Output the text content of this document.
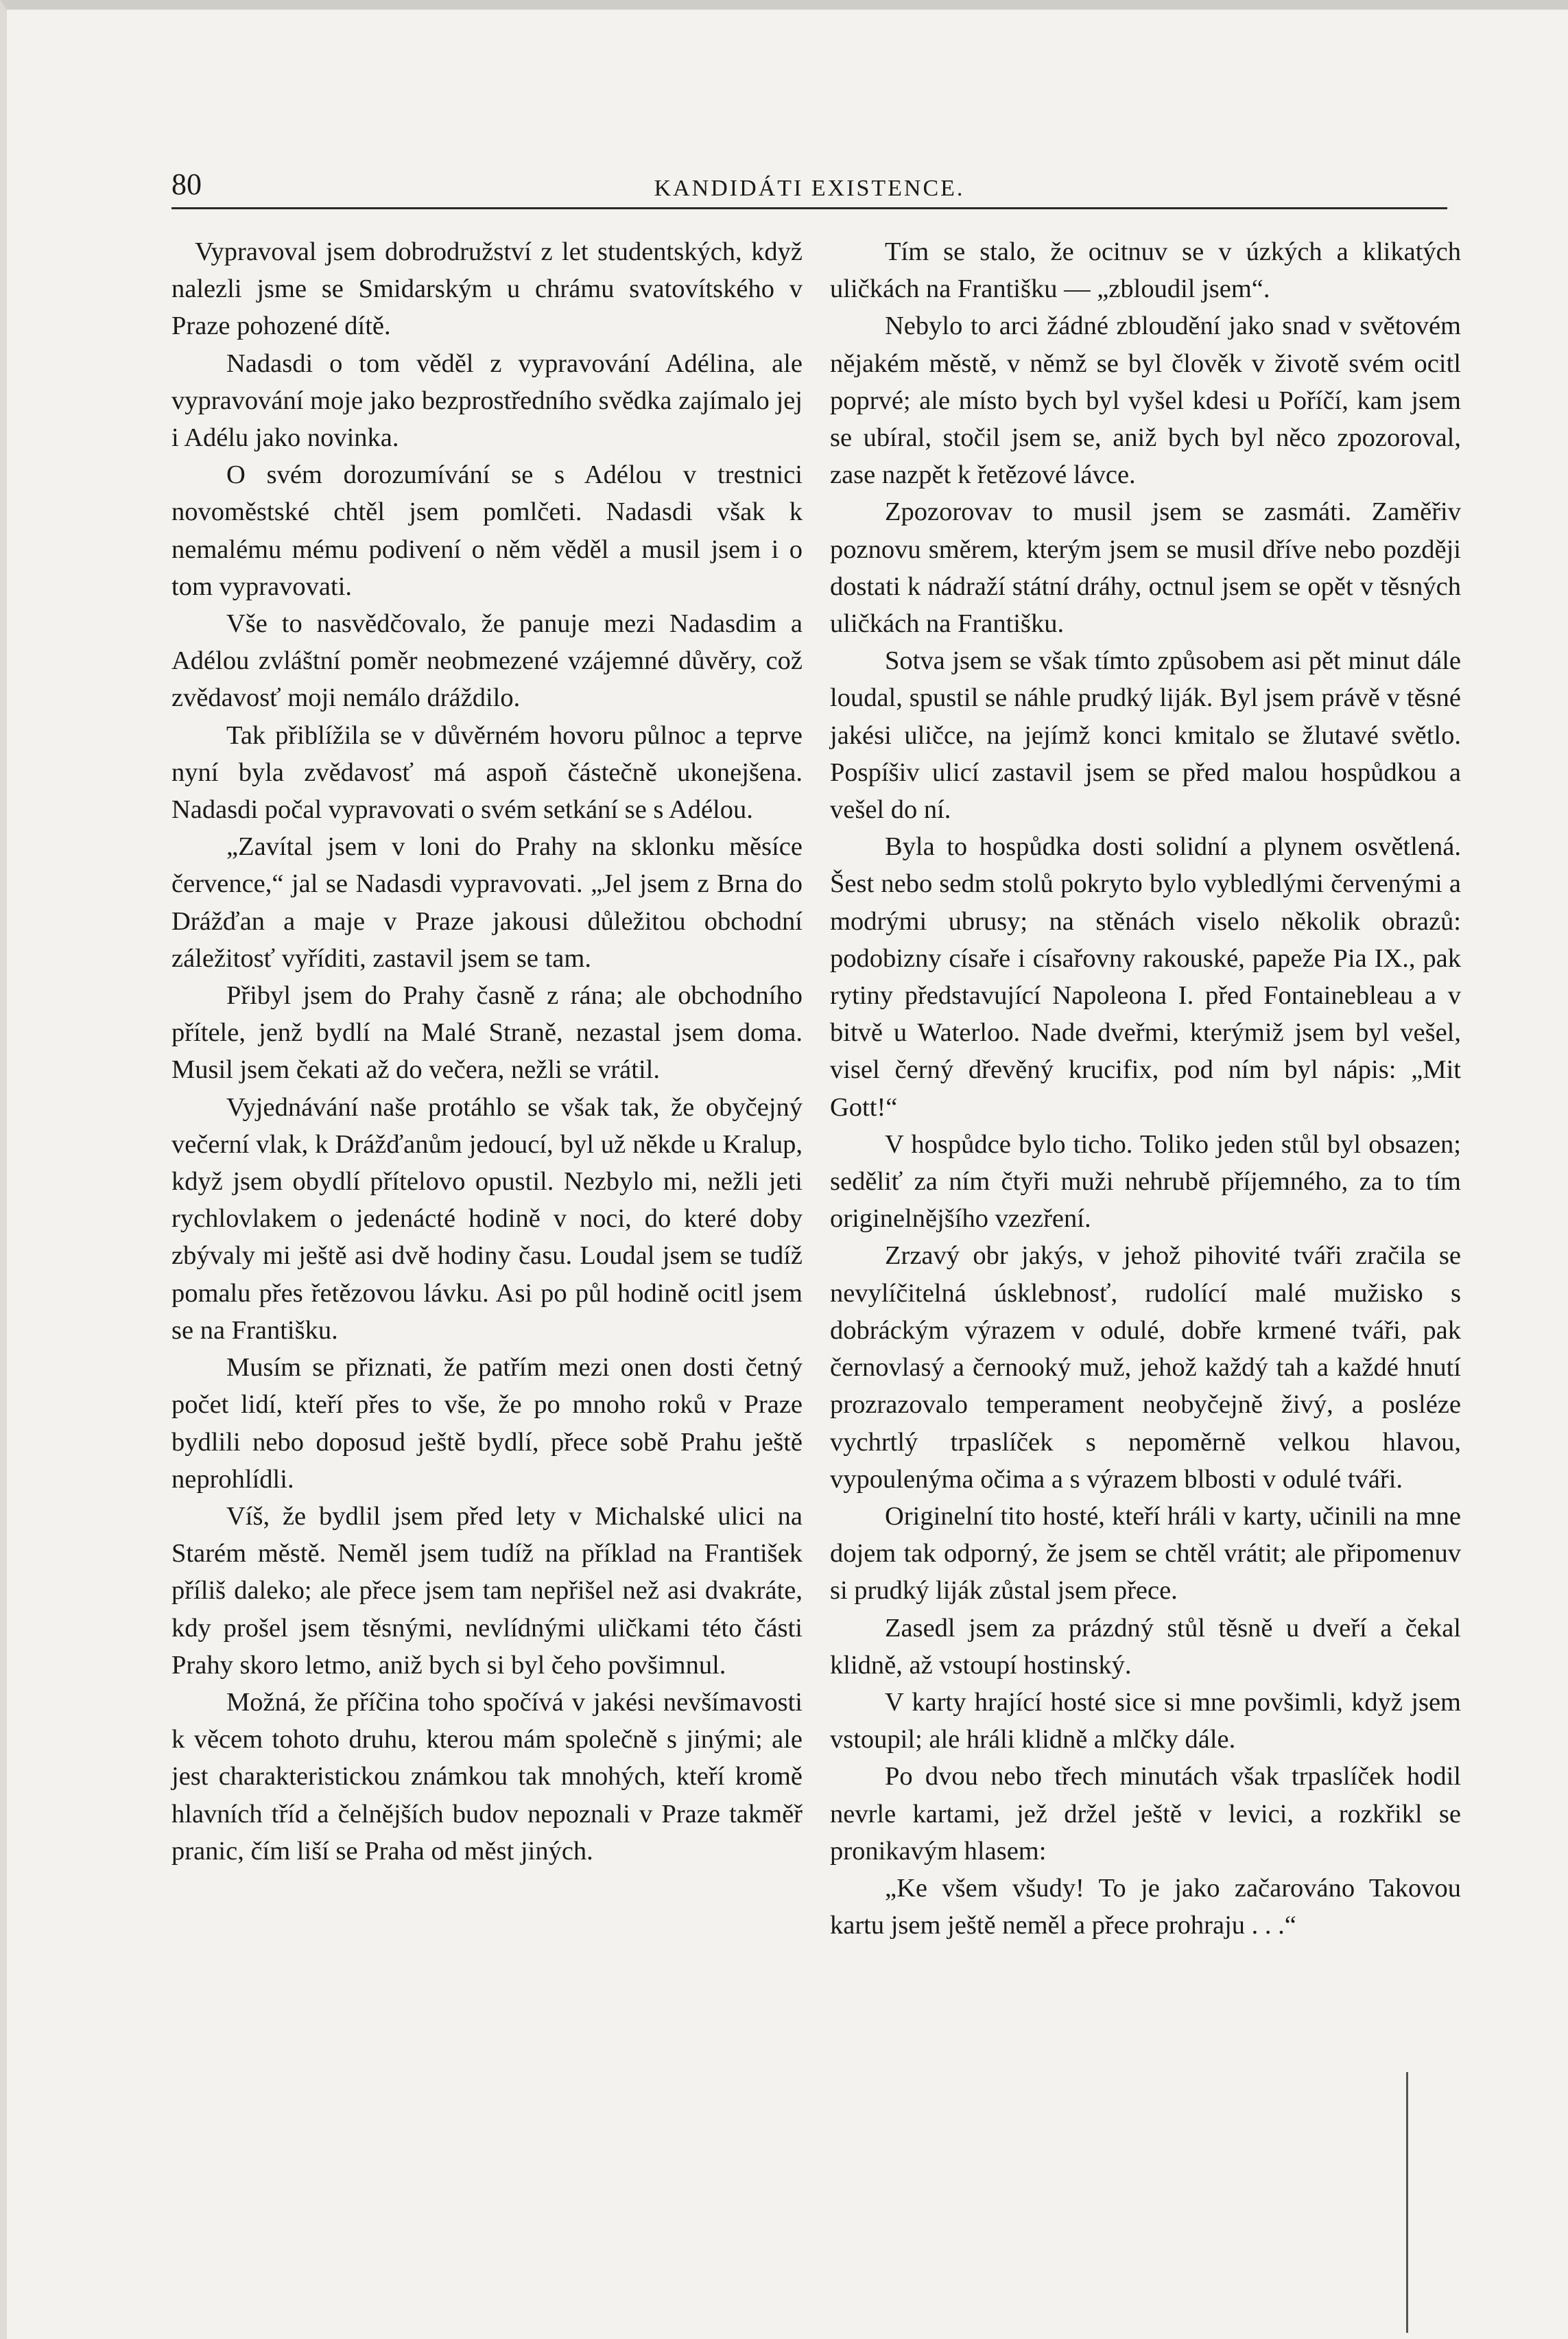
80	KANDIDÁTI EXISTENCE.

Vypravoval jsem dobrodružství z let studentských, když nalezli jsme se Smidarským u chrámu svatovítského v Praze pohozené dítě.

Nadasdi o tom věděl z vypravování Adélina, ale vypravování moje jako bezprostředního svědka zajímalo jej i Adélu jako novinka.

O svém dorozumívání se s Adélou v trestnici novoměstské chtěl jsem pomlčeti. Nadasdi však k nemalému mému podivení o něm věděl a musil jsem i o tom vypravovati.

Vše to nasvědčovalo, že panuje mezi Nadasdim a Adélou zvláštní poměr neobmezené vzájemné důvěry, což zvědavosť moji nemálo dráždilo.

Tak přiblížila se v důvěrném hovoru půlnoc a teprve nyní byla zvědavosť má aspoň částečně ukonejšena. Nadasdi počal vypravovati o svém setkání se s Adélou.

„Zavítal jsem v loni do Prahy na sklonku měsíce července,“ jal se Nadasdi vypravovati. „Jel jsem z Brna do Drážďan a maje v Praze jakousi důležitou obchodní záležitosť vyříditi, zastavil jsem se tam.

Přibyl jsem do Prahy časně z rána; ale obchodního přítele, jenž bydlí na Malé Straně, nezastal jsem doma. Musil jsem čekati až do večera, nežli se vrátil.

Vyjednávání naše protáhlo se však tak, že obyčejný večerní vlak, k Drážďanům jedoucí, byl už někde u Kralup, když jsem obydlí přítelovo opustil. Nezbylo mi, nežli jeti rychlovlakem o jedenácté hodině v noci, do které doby zbývaly mi ještě asi dvě hodiny času. Loudal jsem se tudíž pomalu přes řetězovou lávku. Asi po půl hodině ocitl jsem se na Františku.

Musím se přiznati, že patřím mezi onen dosti četný počet lidí, kteří přes to vše, že po mnoho roků v Praze bydlili nebo doposud ještě bydlí, přece sobě Prahu ještě neprohlídli.

Víš, že bydlil jsem před lety v Michalské ulici na Starém městě. Neměl jsem tudíž na příklad na František příliš daleko; ale přece jsem tam nepřišel než asi dvakráte, kdy prošel jsem těsnými, nevlídnými uličkami této části Prahy skoro letmo, aniž bych si byl čeho povšimnul.

Možná, že příčina toho spočívá v jakési nevšímavosti k věcem tohoto druhu, kterou mám společně s jinými; ale jest charakteristickou známkou tak mnohých, kteří kromě hlavních tříd a čelnějších budov nepoznali v Praze takměř pranic, čím liší se Praha od měst jiných.

Tím se stalo, že ocitnuv se v úzkých a klikatých uličkách na Františku — „zbloudil jsem“.

Nebylo to arci žádné zbloudění jako snad v světovém nějakém městě, v němž se byl člověk v životě svém ocitl poprvé; ale místo bych byl vyšel kdesi u Poříčí, kam jsem se ubíral, stočil jsem se, aniž bych byl něco zpozoroval, zase nazpět k řetězové lávce.

Zpozorovav to musil jsem se zasmáti. Zaměřiv poznovu směrem, kterým jsem se musil dříve nebo později dostati k nádraží státní dráhy, octnul jsem se opět v těsných uličkách na Františku.

Sotva jsem se však tímto způsobem asi pět minut dále loudal, spustil se náhle prudký liják. Byl jsem právě v těsné jakési uličce, na jejímž konci kmitalo se žlutavé světlo. Pospíšiv ulicí zastavil jsem se před malou hospůdkou a vešel do ní.

Byla to hospůdka dosti solidní a plynem osvětlená. Šest nebo sedm stolů pokryto bylo vybledlými červenými a modrými ubrusy; na stěnách viselo několik obrazů: podobizny císaře i císařovny rakouské, papeže Pia IX., pak rytiny představující Napoleona I. před Fontainebleau a v bitvě u Waterloo. Nade dveřmi, kterýmiž jsem byl vešel, visel černý dřevěný krucifix, pod ním byl nápis: „Mit Gott!“

V hospůdce bylo ticho. Toliko jeden stůl byl obsazen; seděliť za ním čtyři muži nehrubě příjemného, za to tím originelnějšího vzezření.

Zrzavý obr jakýs, v jehož pihovité tváři zračila se nevylíčitelná úsklebnosť, rudolící malé mužisko s dobráckým výrazem v odulé, dobře krmené tváři, pak černovlasý a černooký muž, jehož každý tah a každé hnutí prozrazovalo temperament neobyčejně živý, a posléze vychrtlý trpaslíček s nepoměrně velkou hlavou, vypoulenýma očima a s výrazem blbosti v odulé tváři.

Originelní tito hosté, kteří hráli v karty, učinili na mne dojem tak odporný, že jsem se chtěl vrátit; ale připomenuv si prudký liják zůstal jsem přece.

Zasedl jsem za prázdný stůl těsně u dveří a čekal klidně, až vstoupí hostinský.

V karty hrající hosté sice si mne povšimli, když jsem vstoupil; ale hráli klidně a mlčky dále.

Po dvou nebo třech minutách však trpaslíček hodil nevrle kartami, jež držel ještě v levici, a rozkřikl se pronikavým hlasem:

„Ke všem všudy! To je jako začarováno Takovou kartu jsem ještě neměl a přece prohraju . . .“
